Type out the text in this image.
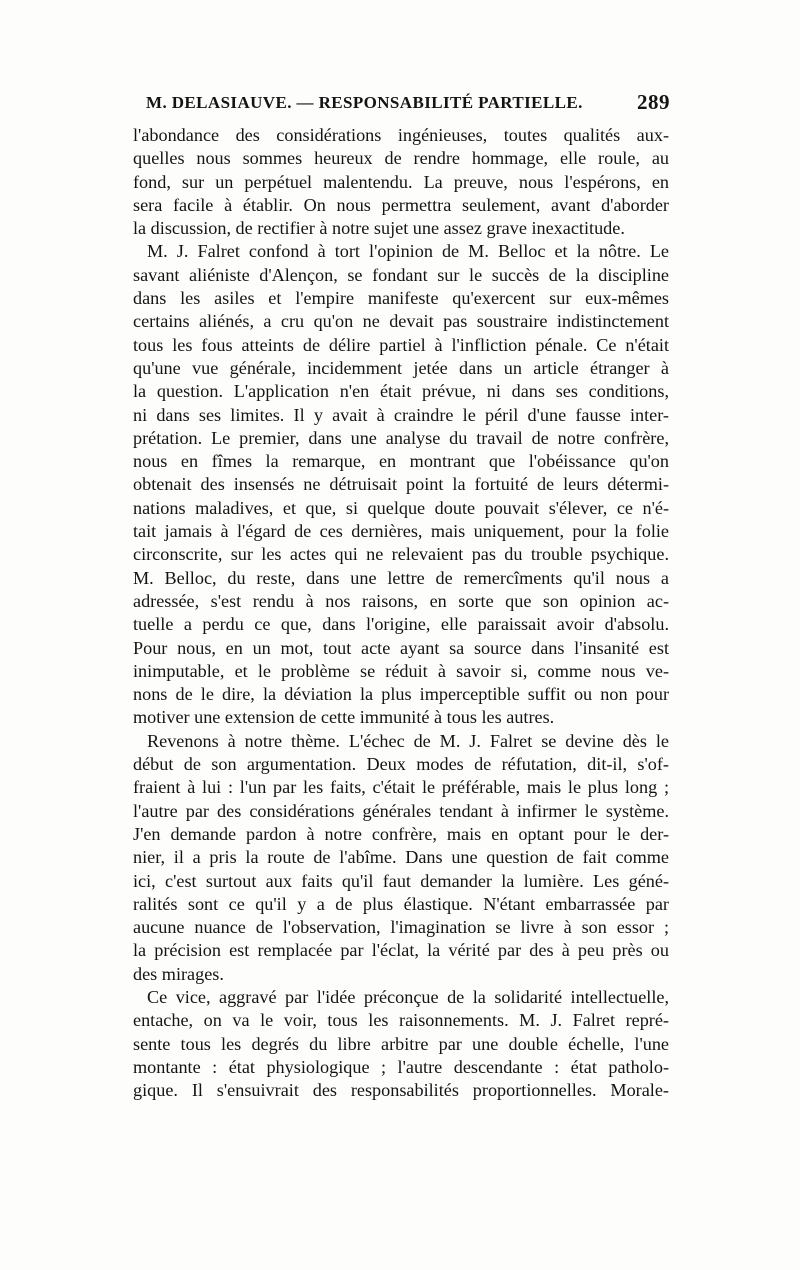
M. DELASIAUVE. — RESPONSABILITÉ PARTIELLE.	289
l'abondance des considérations ingénieuses, toutes qualités aux-
quelles nous sommes heureux de rendre hommage, elle roule, au
fond, sur un perpétuel malentendu. La preuve, nous l'espérons, en
sera facile à établir. On nous permettra seulement, avant d'aborder
la discussion, de rectifier à notre sujet une assez grave inexactitude.
M. J. Falret confond à tort l'opinion de M. Belloc et la nôtre. Le
savant aliéniste d'Alençon, se fondant sur le succès de la discipline
dans les asiles et l'empire manifeste qu'exercent sur eux-mêmes
certains aliénés, a cru qu'on ne devait pas soustraire indistinctement
tous les fous atteints de délire partiel à l'infliction pénale. Ce n'était
qu'une vue générale, incidemment jetée dans un article étranger à
la question. L'application n'en était prévue, ni dans ses conditions,
ni dans ses limites. Il y avait à craindre le péril d'une fausse inter-
prétation. Le premier, dans une analyse du travail de notre confrère,
nous en fîmes la remarque, en montrant que l'obéissance qu'on
obtenait des insensés ne détruisait point la fortuité de leurs détermi-
nations maladives, et que, si quelque doute pouvait s'élever, ce n'é-
tait jamais à l'égard de ces dernières, mais uniquement, pour la folie
circonscrite, sur les actes qui ne relevaient pas du trouble psychique.
M. Belloc, du reste, dans une lettre de remercîments qu'il nous a
adressée, s'est rendu à nos raisons, en sorte que son opinion ac-
tuelle a perdu ce que, dans l'origine, elle paraissait avoir d'absolu.
Pour nous, en un mot, tout acte ayant sa source dans l'insanité est
inimputable, et le problème se réduit à savoir si, comme nous ve-
nons de le dire, la déviation la plus imperceptible suffit ou non pour
motiver une extension de cette immunité à tous les autres.
Revenons à notre thème. L'échec de M. J. Falret se devine dès le
début de son argumentation. Deux modes de réfutation, dit-il, s'of-
fraient à lui : l'un par les faits, c'était le préférable, mais le plus long ;
l'autre par des considérations générales tendant à infirmer le système.
J'en demande pardon à notre confrère, mais en optant pour le der-
nier, il a pris la route de l'abîme. Dans une question de fait comme
ici, c'est surtout aux faits qu'il faut demander la lumière. Les géné-
ralités sont ce qu'il y a de plus élastique. N'étant embarrassée par
aucune nuance de l'observation, l'imagination se livre à son essor ;
la précision est remplacée par l'éclat, la vérité par des à peu près ou
des mirages.
Ce vice, aggravé par l'idée préconçue de la solidarité intellectuelle,
entache, on va le voir, tous les raisonnements. M. J. Falret repré-
sente tous les degrés du libre arbitre par une double échelle, l'une
montante : état physiologique ; l'autre descendante : état patholo-
gique. Il s'ensuivrait des responsabilités proportionnelles. Morale-
